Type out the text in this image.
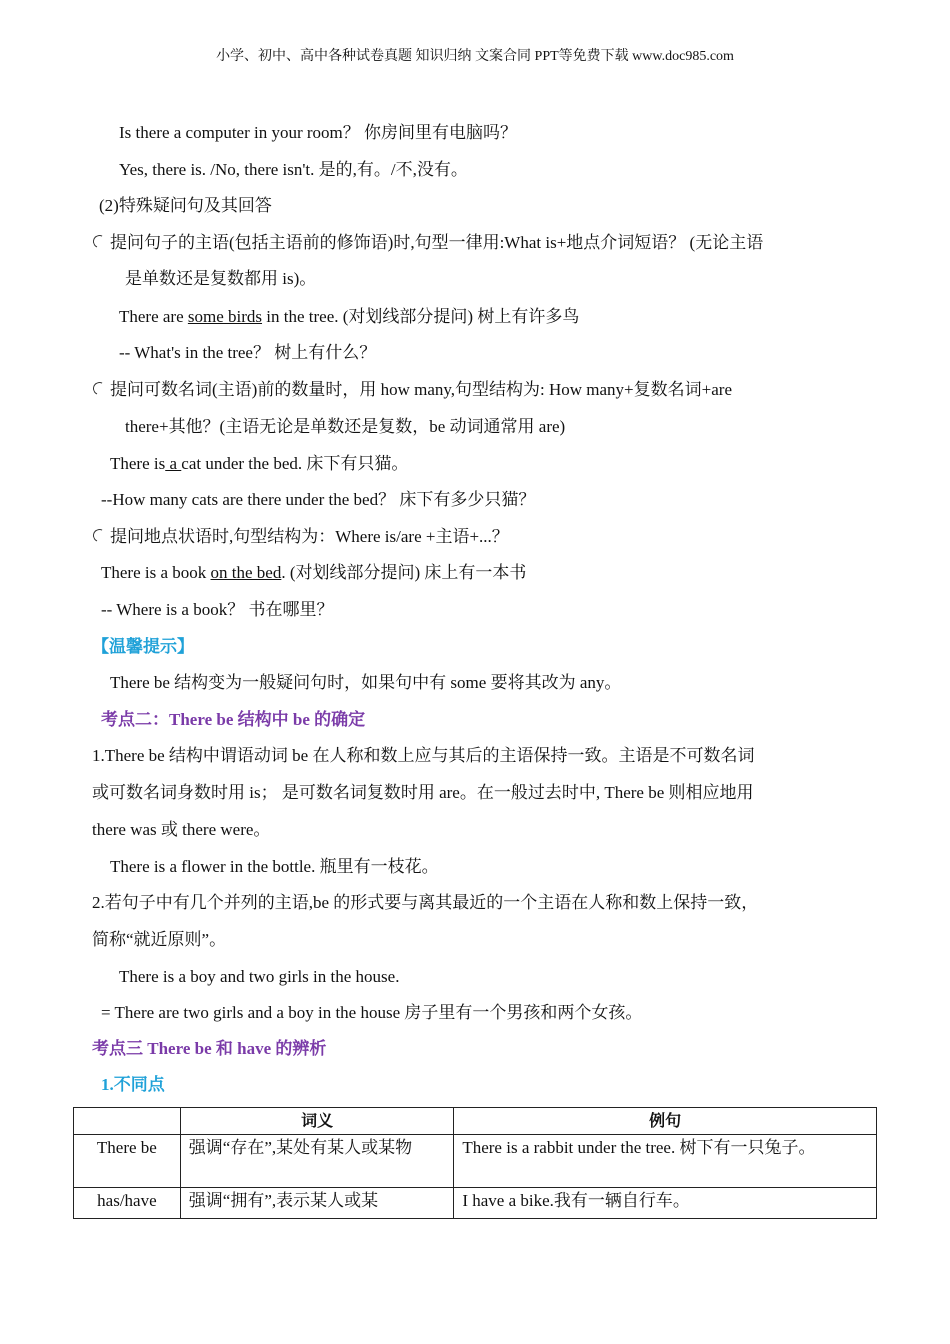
小学、初中、高中各种试卷真题 知识归纳 文案合同 PPT等免费下载 www.doc985.com
Is there a computer in your room？ 你房间里有电脑吗？
Yes, there is. /No, there isn't. 是的,有。/不,没有。
(2)特殊疑问句及其回答
提问句子的主语(包括主语前的修饰语)时,句型一律用:What is+地点介词短语？ (无论主语
是单数还是复数都用 is)。
There are some birds in the tree. (对划线部分提问) 树上有许多鸟
-- What's in the tree？ 树上有什么？
提问可数名词(主语)前的数量时，用 how many,句型结构为: How many+复数名词+are
there+其他？(主语无论是单数还是复数，be 动词通常用 are)
There is a cat under the bed. 床下有只猫。
--How many cats are there under the bed？ 床下有多少只猫？
提问地点状语时,句型结构为：Where is/are +主语+...？
There is a book on the bed. (对划线部分提问) 床上有一本书
-- Where is a book？ 书在哪里？
【温馨提示】
There be 结构变为一般疑问句时，如果句中有 some 要将其改为 any。
考点二：There be 结构中 be 的确定
1.There be 结构中谓语动词 be 在人称和数上应与其后的主语保持一致。主语是不可数名词
或可数名词身数时用 is； 是可数名词复数时用 are。在一般过去时中, There be 则相应地用
there was 或 there were。
There is a flower in the bottle. 瓶里有一枝花。
2.若句子中有几个并列的主语,be 的形式要与离其最近的一个主语在人称和数上保持一致，
简称“就近原则”。
There is a boy and two girls in the house.
= There are two girls and a boy in the house 房子里有一个男孩和两个女孩。
考点三 There be 和 have 的辨析
1.不同点
	词义	例句
There be	强调“存在”,某处有某人或某物	There is a rabbit under the tree. 树下有一只兔子。
has/have	强调“拥有”,表示某人或某	I have a bike.我有一辆自行车。
